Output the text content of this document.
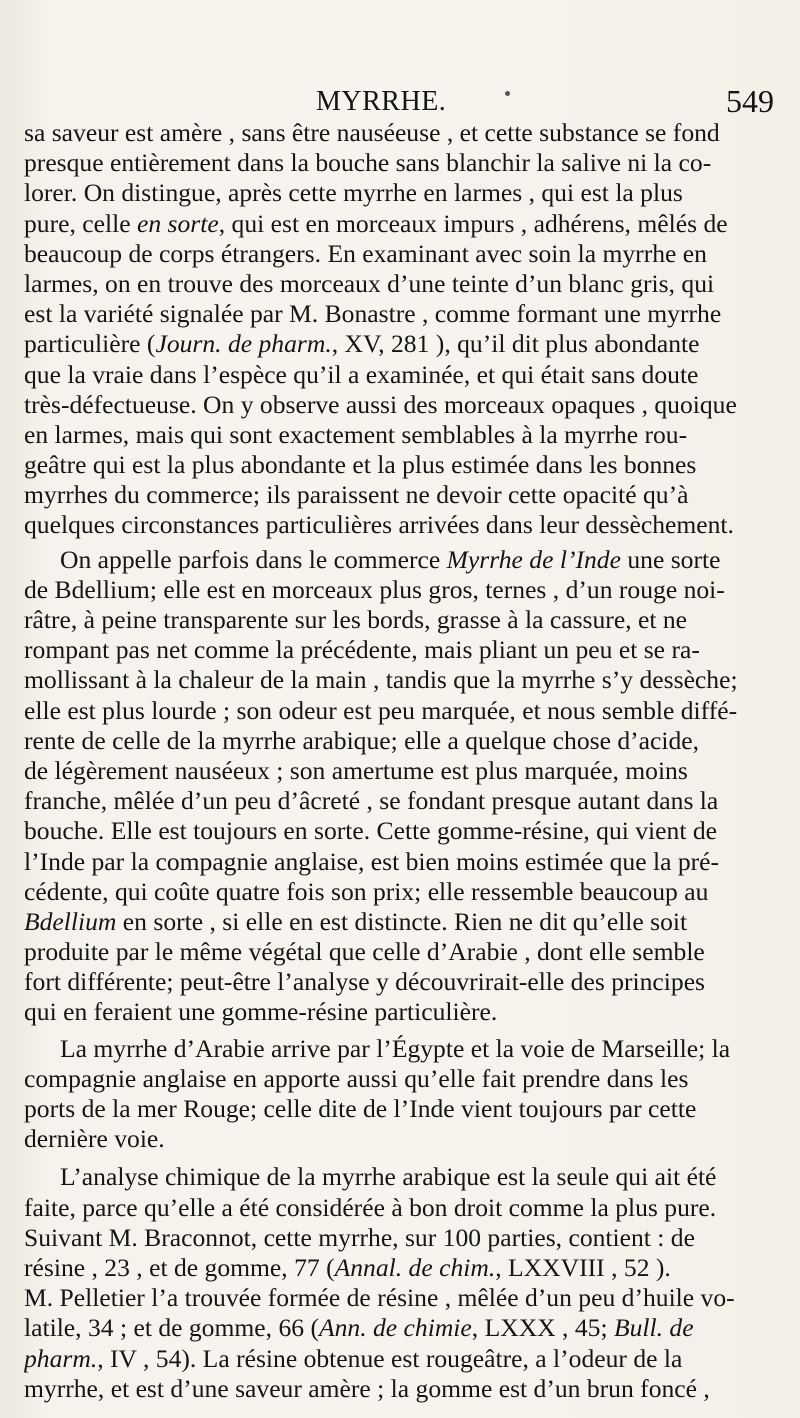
MYRRHE.	549
sa saveur est amère , sans être nauséeuse , et cette substance se fond
presque entièrement dans la bouche sans blanchir la salive ni la co-
lorer. On distingue, après cette myrrhe en larmes , qui est la plus
pure, celle en sorte, qui est en morceaux impurs , adhérens, mêlés de
beaucoup de corps étrangers. En examinant avec soin la myrrhe en
larmes, on en trouve des morceaux d’une teinte d’un blanc gris, qui
est la variété signalée par M. Bonastre , comme formant une myrrhe
particulière (Journ. de pharm., XV, 281 ), qu’il dit plus abondante
que la vraie dans l’espèce qu’il a examinée, et qui était sans doute
très-défectueuse. On y observe aussi des morceaux opaques , quoique
en larmes, mais qui sont exactement semblables à la myrrhe rou-
geâtre qui est la plus abondante et la plus estimée dans les bonnes
myrrhes du commerce; ils paraissent ne devoir cette opacité qu’à
quelques circonstances particulières arrivées dans leur dessèchement.
On appelle parfois dans le commerce Myrrhe de l’Inde une sorte
de Bdellium; elle est en morceaux plus gros, ternes , d’un rouge noi-
râtre, à peine transparente sur les bords, grasse à la cassure, et ne
rompant pas net comme la précédente, mais pliant un peu et se ra-
mollissant à la chaleur de la main , tandis que la myrrhe s’y dessèche;
elle est plus lourde ; son odeur est peu marquée, et nous semble diffé-
rente de celle de la myrrhe arabique; elle a quelque chose d’acide,
de légèrement nauséeux ; son amertume est plus marquée, moins
franche, mêlée d’un peu d’âcreté , se fondant presque autant dans la
bouche. Elle est toujours en sorte. Cette gomme-résine, qui vient de
l’Inde par la compagnie anglaise, est bien moins estimée que la pré-
cédente, qui coûte quatre fois son prix; elle ressemble beaucoup au
Bdellium en sorte , si elle en est distincte. Rien ne dit qu’elle soit
produite par le même végétal que celle d’Arabie , dont elle semble
fort différente; peut-être l’analyse y découvrirait-elle des principes
qui en feraient une gomme-résine particulière.
La myrrhe d’Arabie arrive par l’Égypte et la voie de Marseille; la
compagnie anglaise en apporte aussi qu’elle fait prendre dans les
ports de la mer Rouge; celle dite de l’Inde vient toujours par cette
dernière voie.
L’analyse chimique de la myrrhe arabique est la seule qui ait été
faite, parce qu’elle a été considérée à bon droit comme la plus pure.
Suivant M. Braconnot, cette myrrhe, sur 100 parties, contient : de
résine , 23 , et de gomme, 77 (Annal. de chim., LXXVIII , 52 ).
M. Pelletier l’a trouvée formée de résine , mêlée d’un peu d’huile vo-
latile, 34 ; et de gomme, 66 (Ann. de chimie, LXXX , 45; Bull. de
pharm., IV , 54). La résine obtenue est rougeâtre, a l’odeur de la
myrrhe, et est d’une saveur amère ; la gomme est d’un brun foncé ,
